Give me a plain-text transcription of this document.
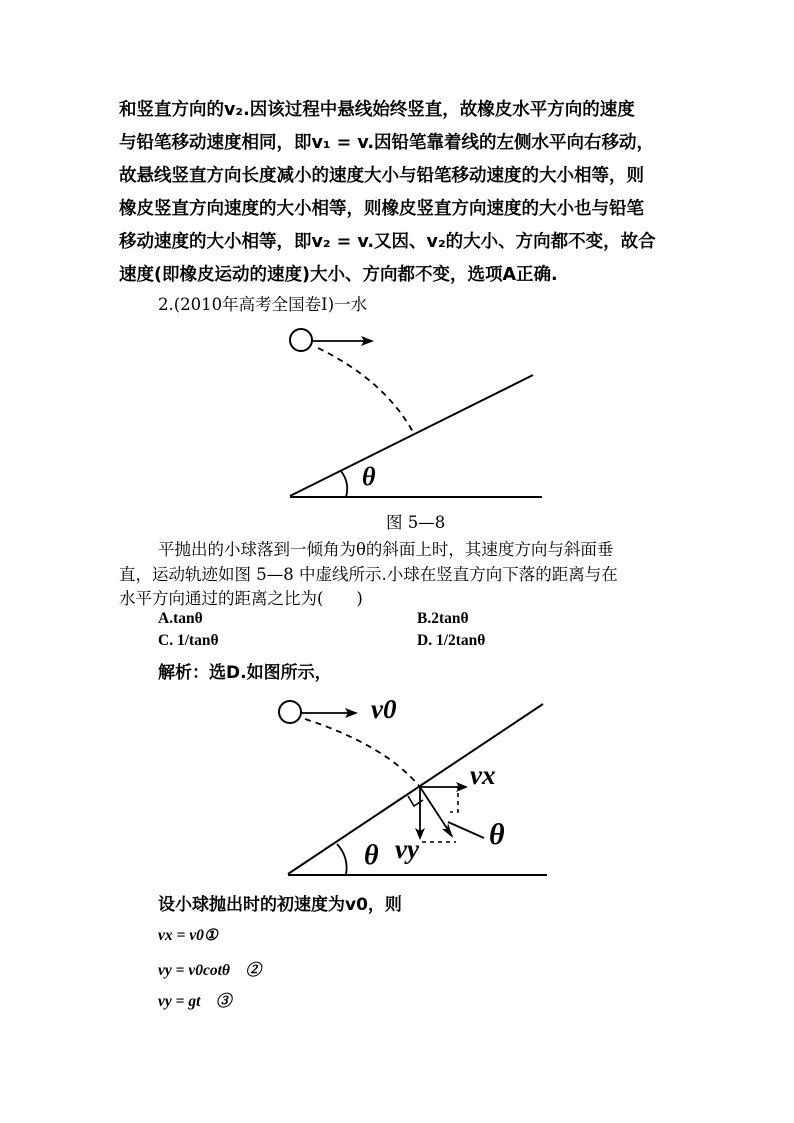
和竖直方向的v₂.因该过程中悬线始终竖直，故橡皮水平方向的速度
与铅笔移动速度相同，即v₁ = v.因铅笔靠着线的左侧水平向右移动，
故悬线竖直方向长度减小的速度大小与铅笔移动速度的大小相等，则
橡皮竖直方向速度的大小相等，则橡皮竖直方向速度的大小也与铅笔
移动速度的大小相等，即v₂ = v.又因、v₂的大小、方向都不变，故合
速度(即橡皮运动的速度)大小、方向都不变，选项A正确.
2.(2010年高考全国卷Ⅰ)一水
θ
图 5—8
平抛出的小球落到一倾角为θ的斜面上时，其速度方向与斜面垂
直，运动轨迹如图 5—8 中虚线所示.小球在竖直方向下落的距离与在
水平方向通过的距离之比为(　　)
A.tanθ	B.2tanθ
C. 1/tanθ	D. 1/2tanθ
解析：选D.如图所示，
v0
vx
vy
θ
θ
设小球抛出时的初速度为v0，则
vx = v0①
vy = v0cotθ　②
vy = gt　③
